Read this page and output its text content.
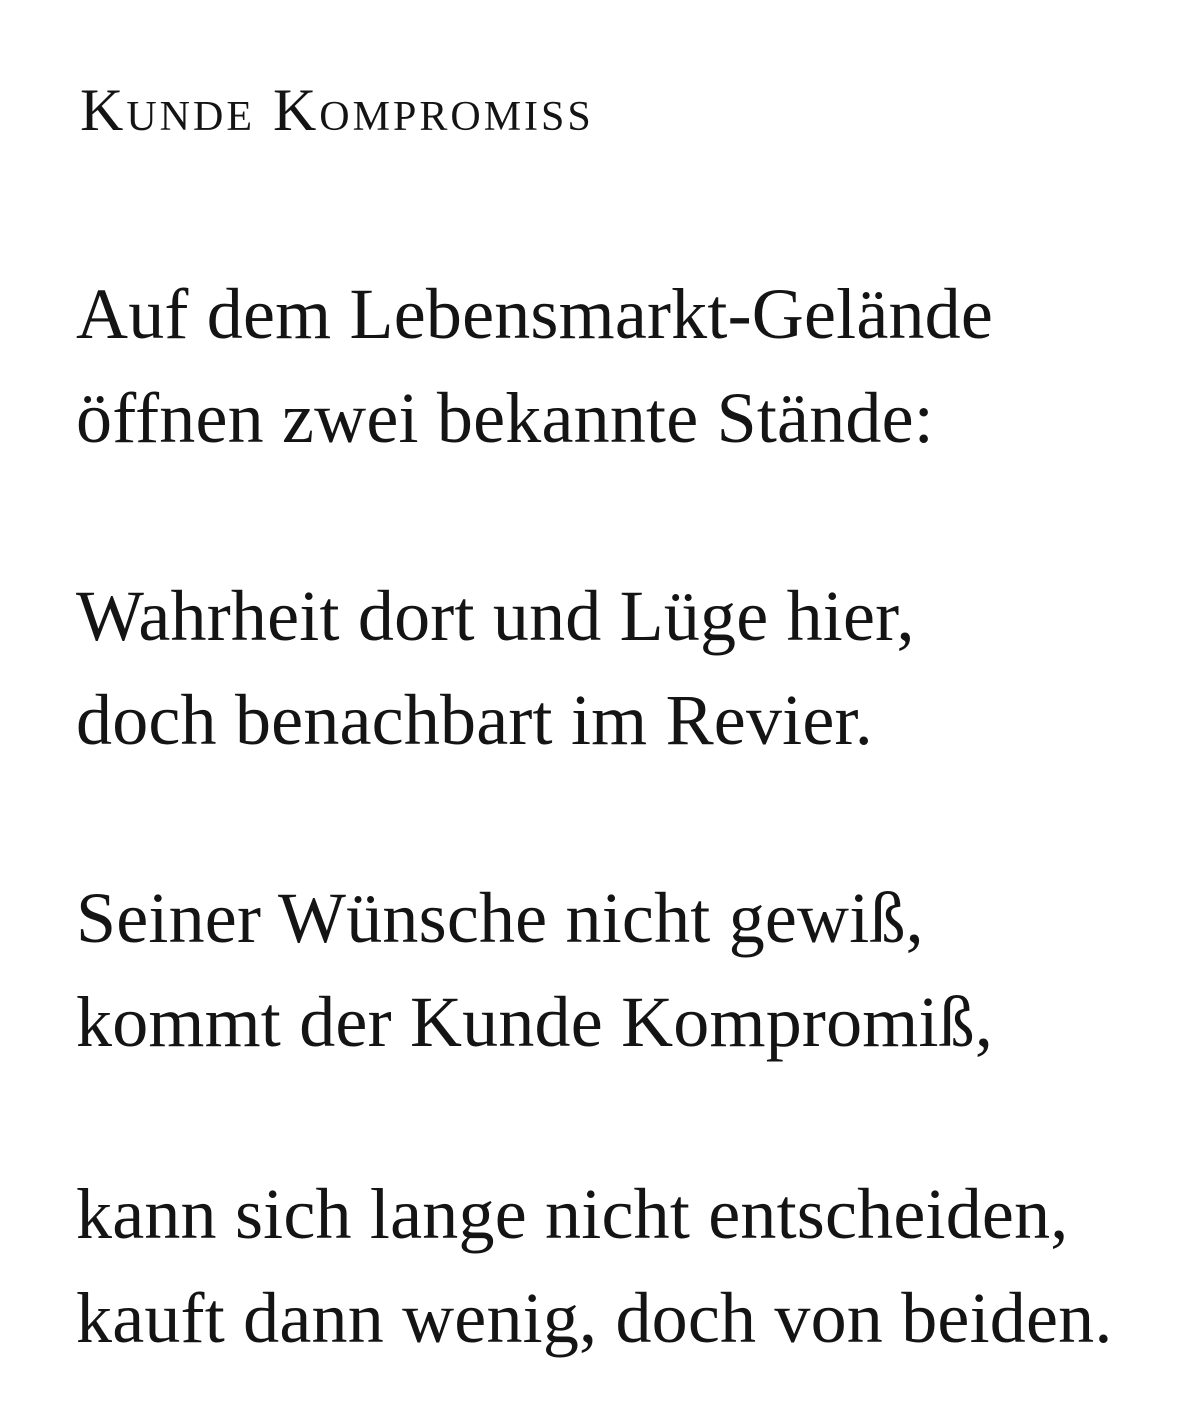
Kunde Kompromiss

Auf dem Lebensmarkt-Gelände
öffnen zwei bekannte Stände:

Wahrheit dort und Lüge hier,
doch benachbart im Revier.

Seiner Wünsche nicht gewiß,
kommt der Kunde Kompromiß,

kann sich lange nicht entscheiden,
kauft dann wenig, doch von beiden.
